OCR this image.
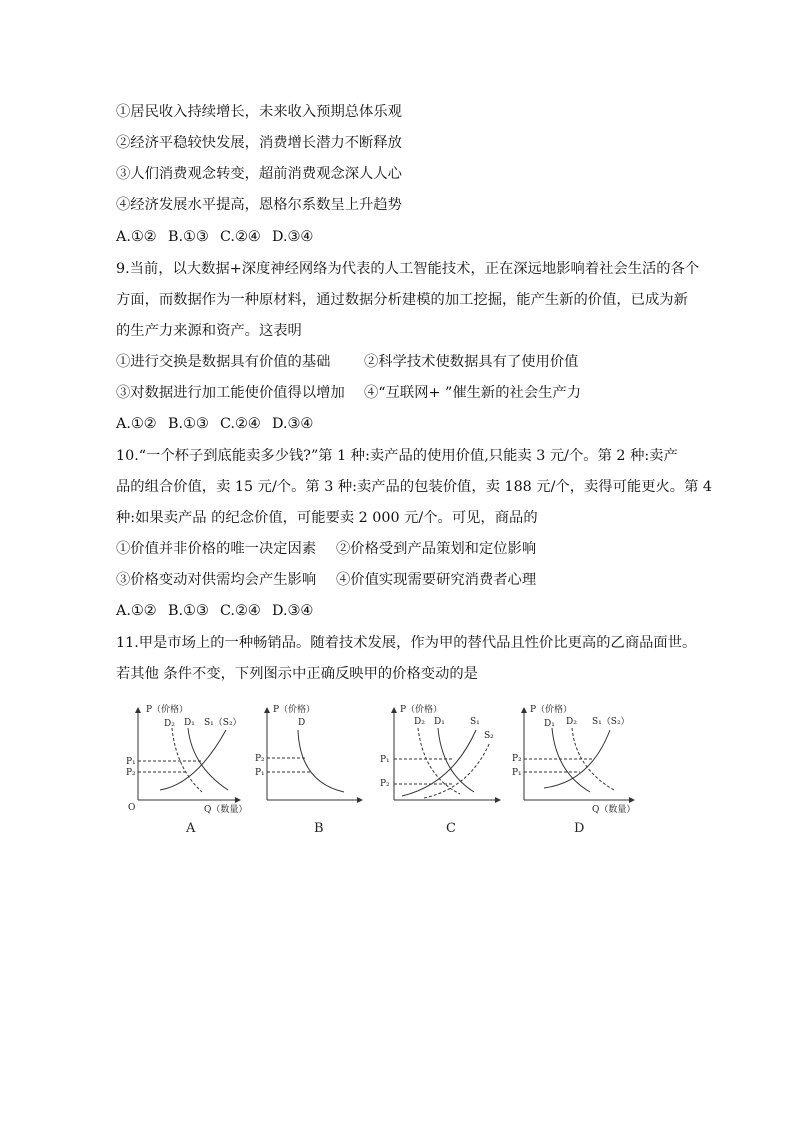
①居民收入持续增长，未来收入预期总体乐观
②经济平稳较快发展，消费增长潜力不断释放
③人们消费观念转变，超前消费观念深人人心
④经济发展水平提高，恩格尔系数呈上升趋势
A.①② B.①③ C.②④ D.③④
9.当前，以大数据+深度神经网络为代表的人工智能技术，正在深远地影响着社会生活的各个
方面，而数据作为一种原材料，通过数据分析建模的加工挖掘，能产生新的价值，已成为新
的生产力来源和资产。这表明
①进行交换是数据具有价值的基础 ②科学技术使数据具有了使用价值
③对数据进行加工能使价值得以增加 ④“互联网+ ”催生新的社会生产力
A.①② B.①③ C.②④ D.③④
10.“一个杯子到底能卖多少钱?”第 1 种:卖产品的使用价值,只能卖 3 元/个。第 2 种:卖产
品的组合价值，卖 15 元/个。第 3 种:卖产品的包装价值，卖 188 元/个，卖得可能更火。第 4
种:如果卖产品 的纪念价值，可能要卖 2 000 元/个。可见，商品的
①价值并非价格的唯一决定因素 ②价格受到产品策划和定位影响
③价格变动对供需均会产生影响 ④价值实现需要研究消费者心理
A.①② B.①③ C.②④ D.③④
11.甲是市场上的一种畅销品。随着技术发展，作为甲的替代品且性价比更高的乙商品面世。
若其他 条件不变，下列图示中正确反映甲的价格变动的是
P（价格）
Q（数量）
O
D₂ D₁ S₁（S₂）
P₁
P₂
P（价格）
D
P₂
P₁
P（价格）
D₂ D₁	S₁
S₂
P₁
P₂
P（价格）
Q（数量）
D₁ D₂ S₁（S₂）
P₂
P₁
A	B	C	D
